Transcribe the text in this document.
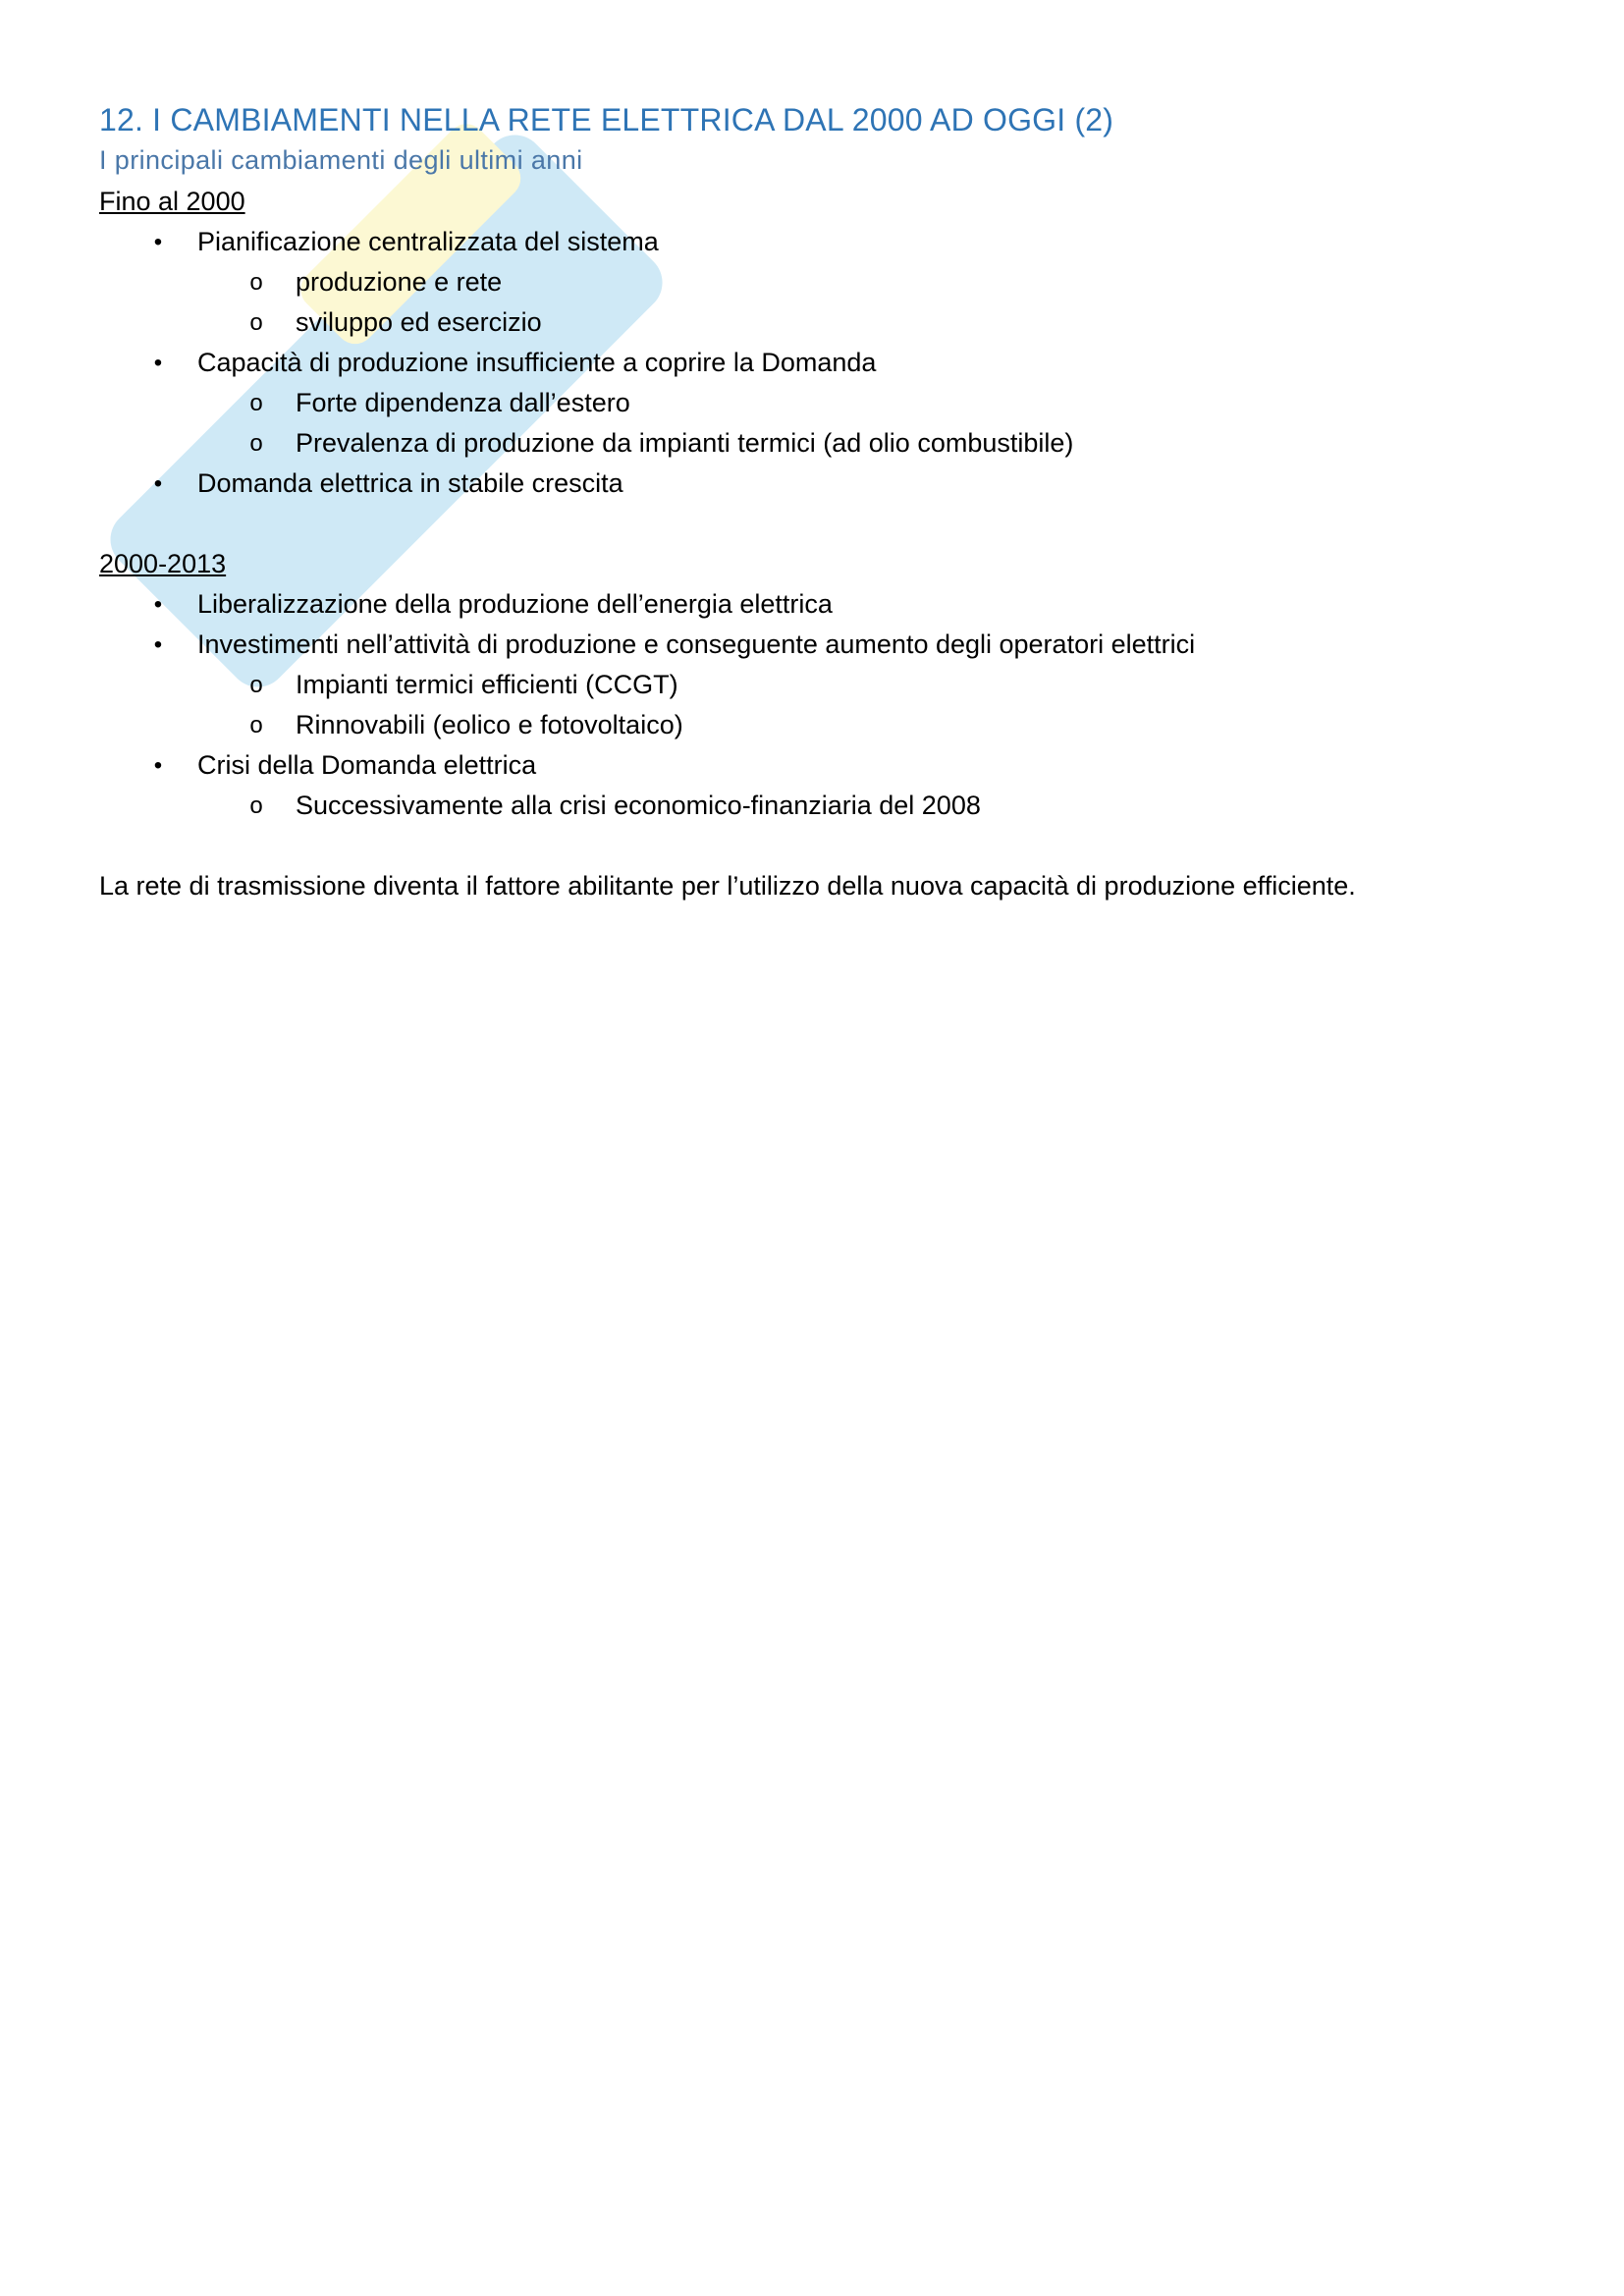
12. I CAMBIAMENTI NELLA RETE ELETTRICA DAL 2000 AD OGGI (2)
I principali cambiamenti degli ultimi anni
Fino al 2000
• Pianificazione centralizzata del sistema
o produzione e rete
o sviluppo ed esercizio
• Capacità di produzione insufficiente a coprire la Domanda
o Forte dipendenza dall’estero
o Prevalenza di produzione da impianti termici (ad olio combustibile)
• Domanda elettrica in stabile crescita
2000-2013
• Liberalizzazione della produzione dell’energia elettrica
• Investimenti nell’attività di produzione e conseguente aumento degli operatori elettrici
o Impianti termici efficienti (CCGT)
o Rinnovabili (eolico e fotovoltaico)
• Crisi della Domanda elettrica
o Successivamente alla crisi economico-finanziaria del 2008

La rete di trasmissione diventa il fattore abilitante per l’utilizzo della nuova capacità di produzione efficiente.
